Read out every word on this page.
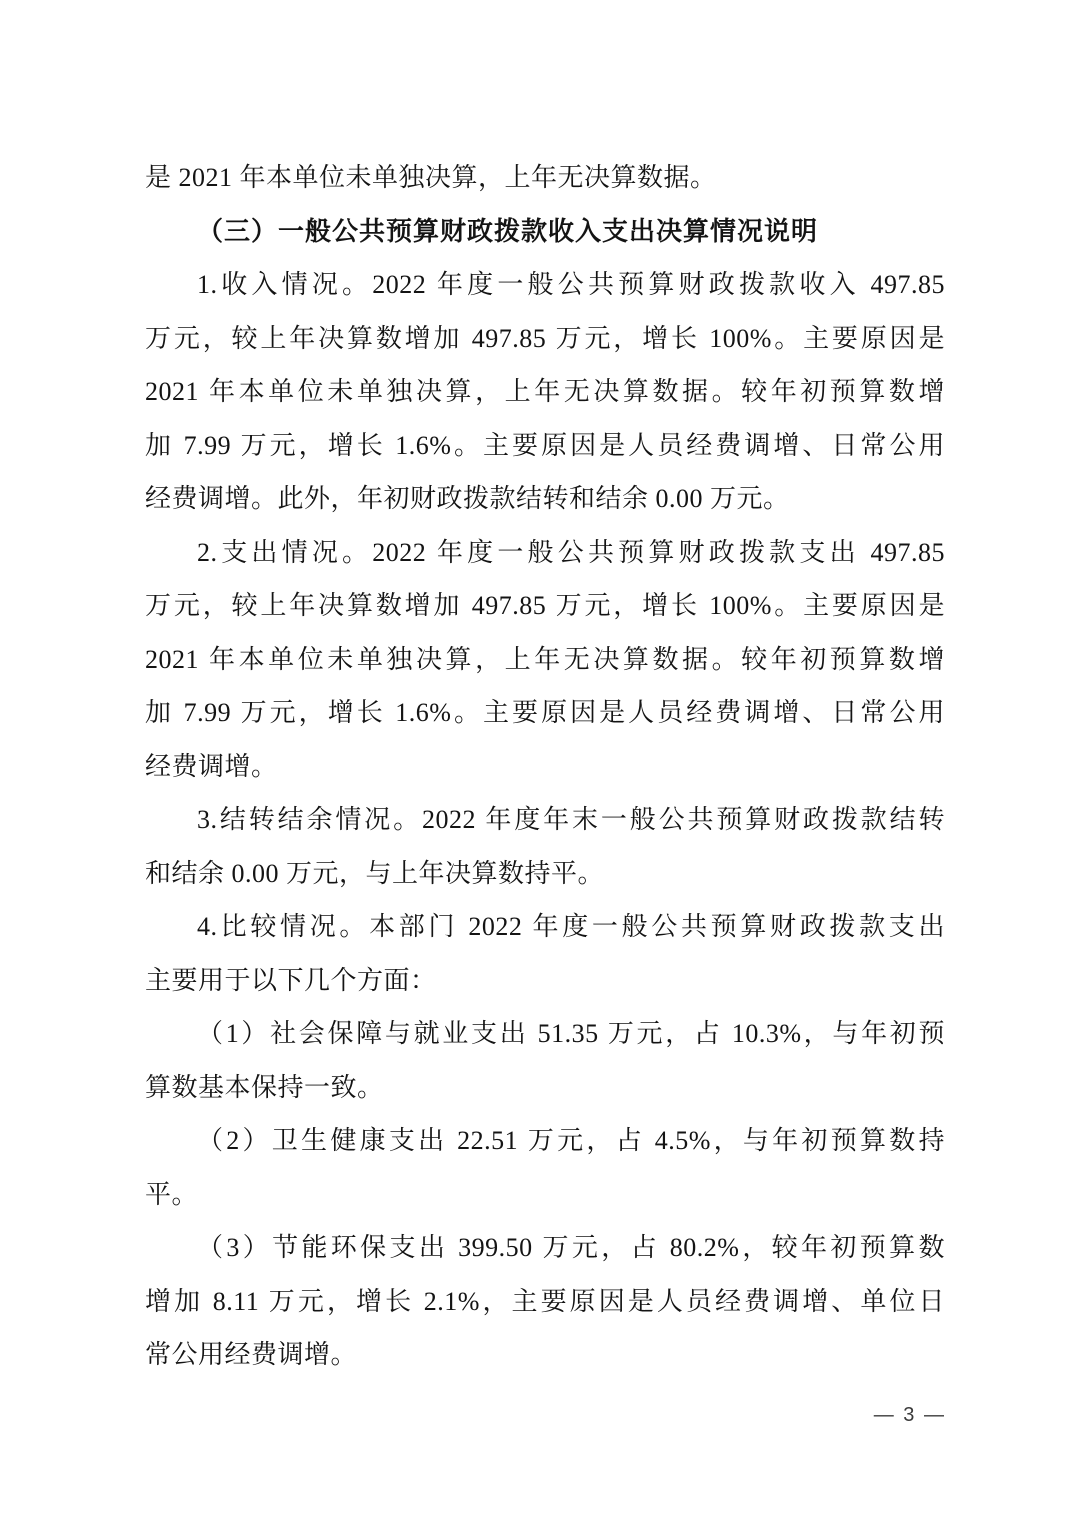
是 2021 年本单位未单独决算，上年无决算数据。
（三）一般公共预算财政拨款收入支出决算情况说明
1.收入情况。2022 年度一般公共预算财政拨款收入 497.85
万元，较上年决算数增加 497.85 万元，增长 100%。主要原因是
2021 年本单位未单独决算，上年无决算数据。较年初预算数增
加 7.99 万元，增长 1.6%。主要原因是人员经费调增、日常公用
经费调增。此外，年初财政拨款结转和结余 0.00 万元。
2.支出情况。2022 年度一般公共预算财政拨款支出 497.85
万元，较上年决算数增加 497.85 万元，增长 100%。主要原因是
2021 年本单位未单独决算，上年无决算数据。较年初预算数增
加 7.99 万元，增长 1.6%。主要原因是人员经费调增、日常公用
经费调增。
3.结转结余情况。2022 年度年末一般公共预算财政拨款结转
和结余 0.00 万元，与上年决算数持平。
4.比较情况。本部门 2022 年度一般公共预算财政拨款支出
主要用于以下几个方面：
（1）社会保障与就业支出 51.35 万元，占 10.3%，与年初预
算数基本保持一致。
（2）卫生健康支出 22.51 万元，占 4.5%，与年初预算数持
平。
（3）节能环保支出 399.50 万元，占 80.2%，较年初预算数
增加 8.11 万元，增长 2.1%，主要原因是人员经费调增、单位日
常公用经费调增。
— 3 —
